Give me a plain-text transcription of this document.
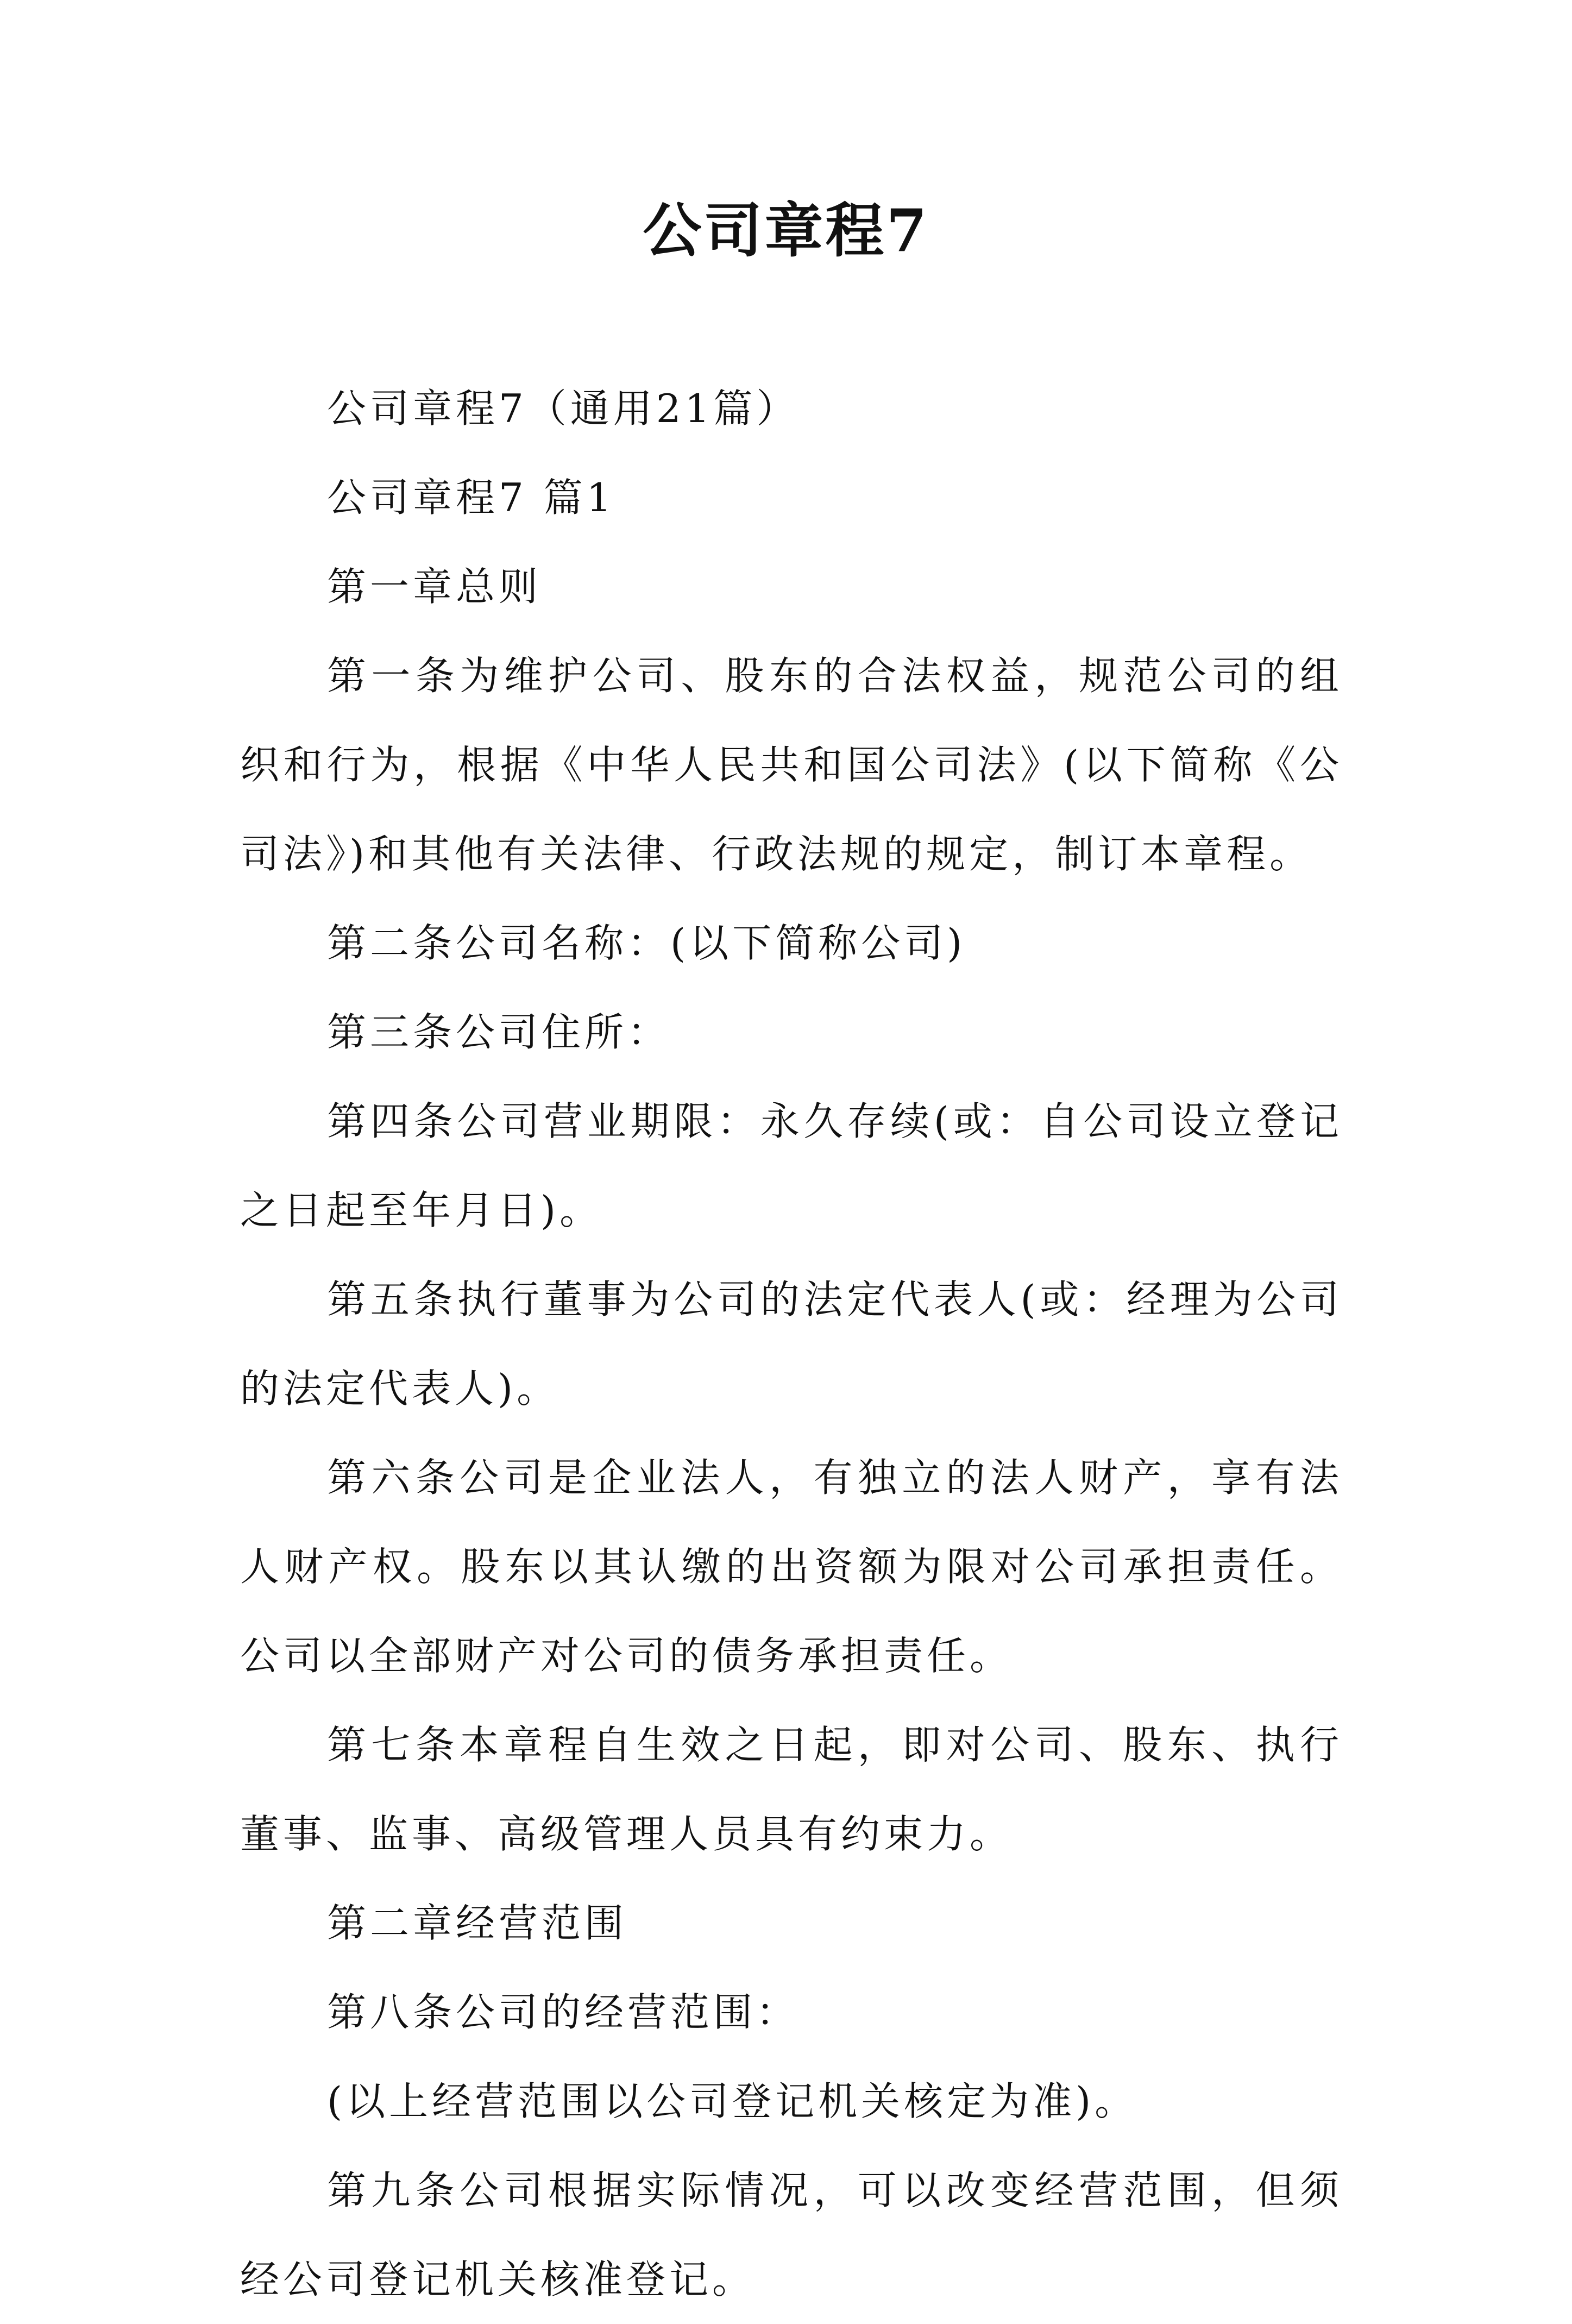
公司章程7

公司章程7（通用21篇）

公司章程7 篇1

第一章总则

第一条为维护公司、股东的合法权益，规范公司的组织和行为，根据《中华人民共和国公司法》(以下简称《公司法》)和其他有关法律、行政法规的规定，制订本章程。

第二条公司名称：(以下简称公司)

第三条公司住所：

第四条公司营业期限：永久存续(或：自公司设立登记之日起至年月日)。

第五条执行董事为公司的法定代表人(或：经理为公司的法定代表人)。

第六条公司是企业法人，有独立的法人财产，享有法人财产权。股东以其认缴的出资额为限对公司承担责任。公司以全部财产对公司的债务承担责任。

第七条本章程自生效之日起，即对公司、股东、执行董事、监事、高级管理人员具有约束力。

第二章经营范围

第八条公司的经营范围：

(以上经营范围以公司登记机关核定为准)。

第九条公司根据实际情况，可以改变经营范围，但须经公司登记机关核准登记。
